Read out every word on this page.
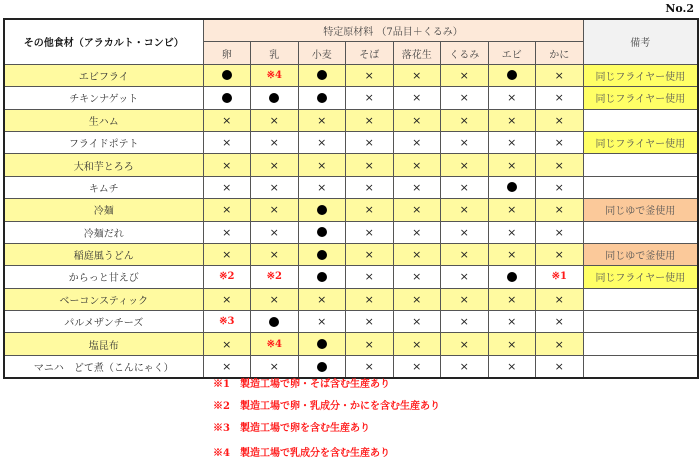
No.2
その他食材（アラカルト・コンビ）	特定原材料 （7品目＋くるみ）								備考
	卵	乳	小麦	そば	落花生	くるみ	エビ	かに	
エビフライ		※4		×	×	×		×	同じフライヤー使用
チキンナゲット				×	×	×	×	×	同じフライヤー使用
生ハム	×	×	×	×	×	×	×	×	
フライドポテト	×	×	×	×	×	×	×	×	同じフライヤー使用
大和芋とろろ	×	×	×	×	×	×	×	×	
キムチ	×	×	×	×	×	×		×	
冷麺	×	×		×	×	×	×	×	同じゆで釜使用
冷麺だれ	×	×		×	×	×	×	×	
稲庭風うどん	×	×		×	×	×	×	×	同じゆで釜使用
からっと甘えび	※2	※2		×	×	×		※1	同じフライヤー使用
ベーコンスティック	×	×	×	×	×	×	×	×	
パルメザンチーズ	※3		×	×	×	×	×	×	
塩昆布	×	※4		×	×	×	×	×	
マニハ　どて煮（こんにゃく）	×	×		×	×	×	×	×	
※1　製造工場で卵・そば含む生産あり
※2　製造工場で卵・乳成分・かにを含む生産あり
※3　製造工場で卵を含む生産あり
※4　製造工場で乳成分を含む生産あり
